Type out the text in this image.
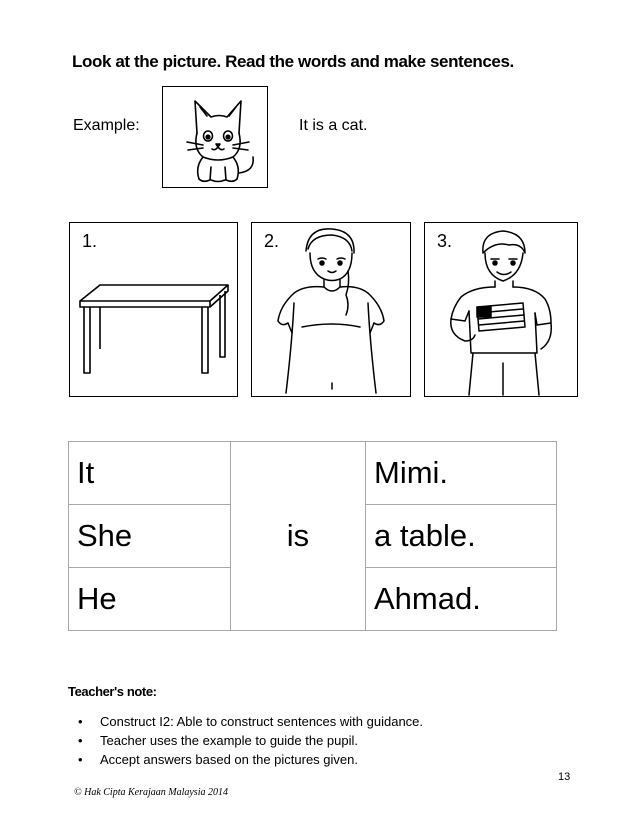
Look at the picture. Read the words and make sentences.
Example:	It is a cat.
1.	2.	3.
It	is	Mimi.
She		a table.
He		Ahmad.
Teacher's note:
• Construct I2: Able to construct sentences with guidance.
• Teacher uses the example to guide the pupil.
• Accept answers based on the pictures given.
13
© Hak Cipta Kerajaan Malaysia 2014
